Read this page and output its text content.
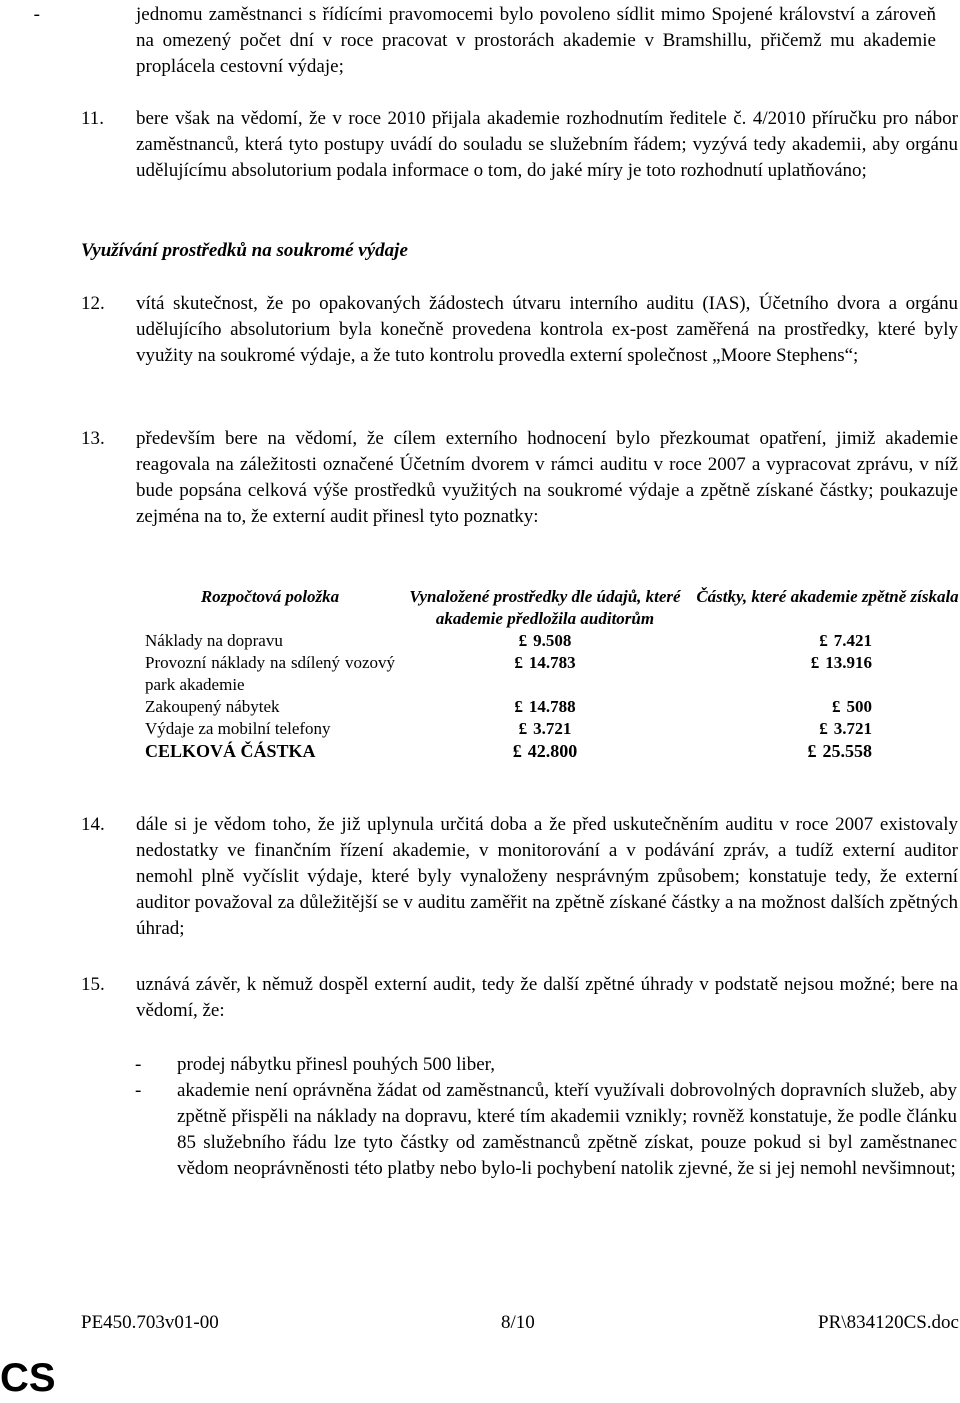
-	jednomu zaměstnanci s řídícími pravomocemi bylo povoleno sídlit mimo Spojené království a zároveň na omezený počet dní v roce pracovat v prostorách akademie v Bramshillu, přičemž mu akademie proplácela cestovní výdaje;
11. bere však na vědomí, že v roce 2010 přijala akademie rozhodnutím ředitele č. 4/2010 příručku pro nábor zaměstnanců, která tyto postupy uvádí do souladu se služebním řádem; vyzývá tedy akademii, aby orgánu udělujícímu absolutorium podala informace o tom, do jaké míry je toto rozhodnutí uplatňováno;
Využívání prostředků na soukromé výdaje
12. vítá skutečnost, že po opakovaných žádostech útvaru interního auditu (IAS), Účetního dvora a orgánu udělujícího absolutorium byla konečně provedena kontrola ex-post zaměřená na prostředky, které byly využity na soukromé výdaje, a že tuto kontrolu provedla externí společnost „Moore Stephens“;
13. především bere na vědomí, že cílem externího hodnocení bylo přezkoumat opatření, jimiž akademie reagovala na záležitosti označené Účetním dvorem v rámci auditu v roce 2007 a vypracovat zprávu, v níž bude popsána celková výše prostředků využitých na soukromé výdaje a zpětně získané částky; poukazuje zejména na to, že externí audit přinesl tyto poznatky:
Rozpočtová položka	Vynaložené prostředky dle údajů, které akademie předložila auditorům	Částky, které akademie zpětně získala
Náklady na dopravu	£ 9.508	£ 7.421
Provozní náklady na sdílený vozový park akademie	£ 14.783	£ 13.916
Zakoupený nábytek	£ 14.788	£ 500
Výdaje za mobilní telefony	£ 3.721	£ 3.721
CELKOVÁ ČÁSTKA	£ 42.800	£ 25.558
14. dále si je vědom toho, že již uplynula určitá doba a že před uskutečněním auditu v roce 2007 existovaly nedostatky ve finančním řízení akademie, v monitorování a v podávání zpráv, a tudíž externí auditor nemohl plně vyčíslit výdaje, které byly vynaloženy nesprávným způsobem; konstatuje tedy, že externí auditor považoval za důležitější se v auditu zaměřit na zpětně získané částky a na možnost dalších zpětných úhrad;
15. uznává závěr, k němuž dospěl externí audit, tedy že další zpětné úhrady v podstatě nejsou možné; bere na vědomí, že:
- prodej nábytku přinesl pouhých 500 liber,
- akademie není oprávněna žádat od zaměstnanců, kteří využívali dobrovolných dopravních služeb, aby zpětně přispěli na náklady na dopravu, které tím akademii vznikly; rovněž konstatuje, že podle článku 85 služebního řádu lze tyto částky od zaměstnanců zpětně získat, pouze pokud si byl zaměstnanec vědom neoprávněnosti této platby nebo bylo-li pochybení natolik zjevné, že si jej nemohl nevšimnout;
PE450.703v01-00	8/10	PR\834120CS.doc
CS
